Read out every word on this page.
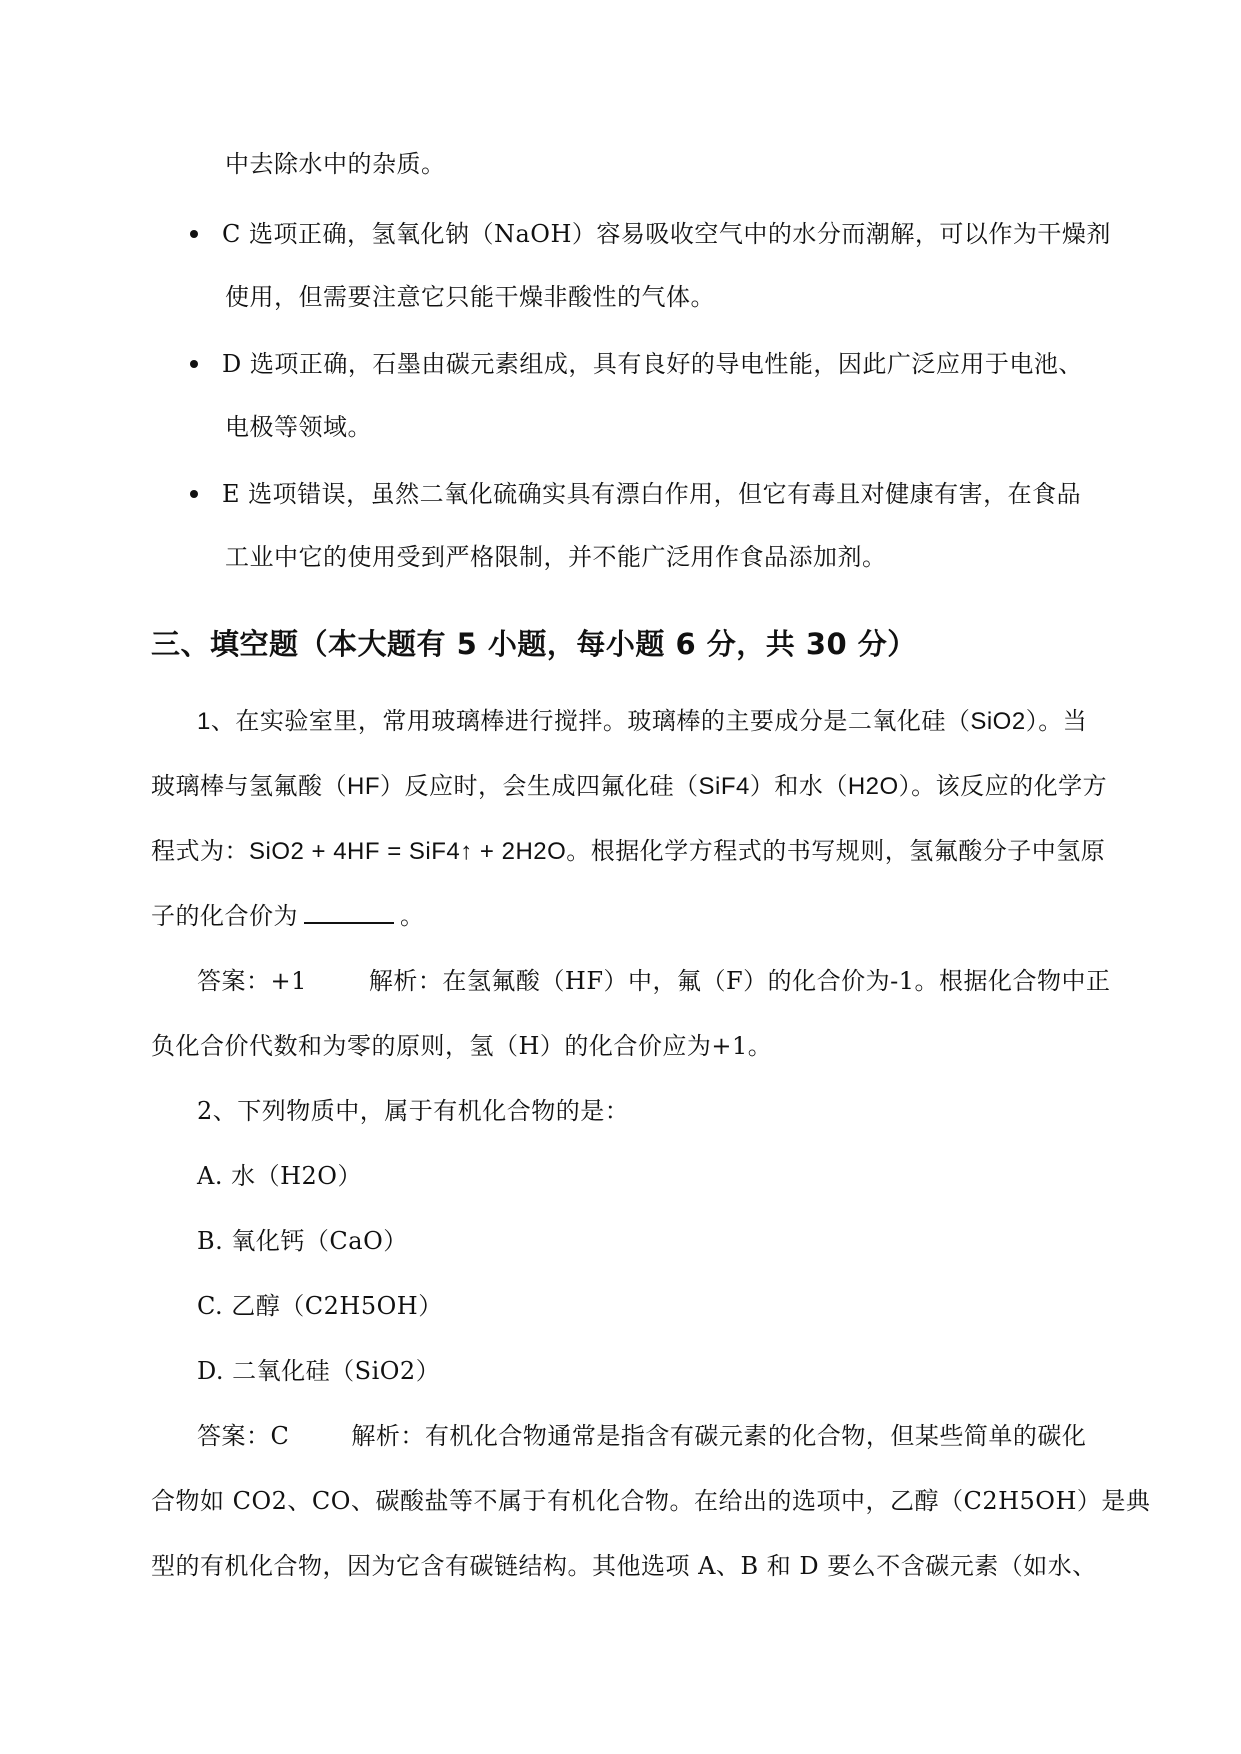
中去除水中的杂质。
C 选项正确，氢氧化钠（NaOH）容易吸收空气中的水分而潮解，可以作为干燥剂
使用，但需要注意它只能干燥非酸性的气体。
D 选项正确，石墨由碳元素组成，具有良好的导电性能，因此广泛应用于电池、
电极等领域。
E 选项错误，虽然二氧化硫确实具有漂白作用，但它有毒且对健康有害，在食品
工业中它的使用受到严格限制，并不能广泛用作食品添加剂。
三、填空题（本大题有 5 小题，每小题 6 分，共 30 分）
1、在实验室里，常用玻璃棒进行搅拌。玻璃棒的主要成分是二氧化硅（SiO2）。当
玻璃棒与氢氟酸（HF）反应时，会生成四氟化硅（SiF4）和水（H2O）。该反应的化学方
程式为：SiO2 + 4HF = SiF4↑ + 2H2O。根据化学方程式的书写规则，氢氟酸分子中氢原
子的化合价为	。
答案：+1	解析：在氢氟酸（HF）中，氟（F）的化合价为-1。根据化合物中正
负化合价代数和为零的原则，氢（H）的化合价应为+1。
2、下列物质中，属于有机化合物的是：
A. 水（H2O）
B. 氧化钙（CaO）
C. 乙醇（C2H5OH）
D. 二氧化硅（SiO2）
答案：C	解析：有机化合物通常是指含有碳元素的化合物，但某些简单的碳化
合物如 CO2、CO、碳酸盐等不属于有机化合物。在给出的选项中，乙醇（C2H5OH）是典
型的有机化合物，因为它含有碳链结构。其他选项 A、B 和 D 要么不含碳元素（如水、
